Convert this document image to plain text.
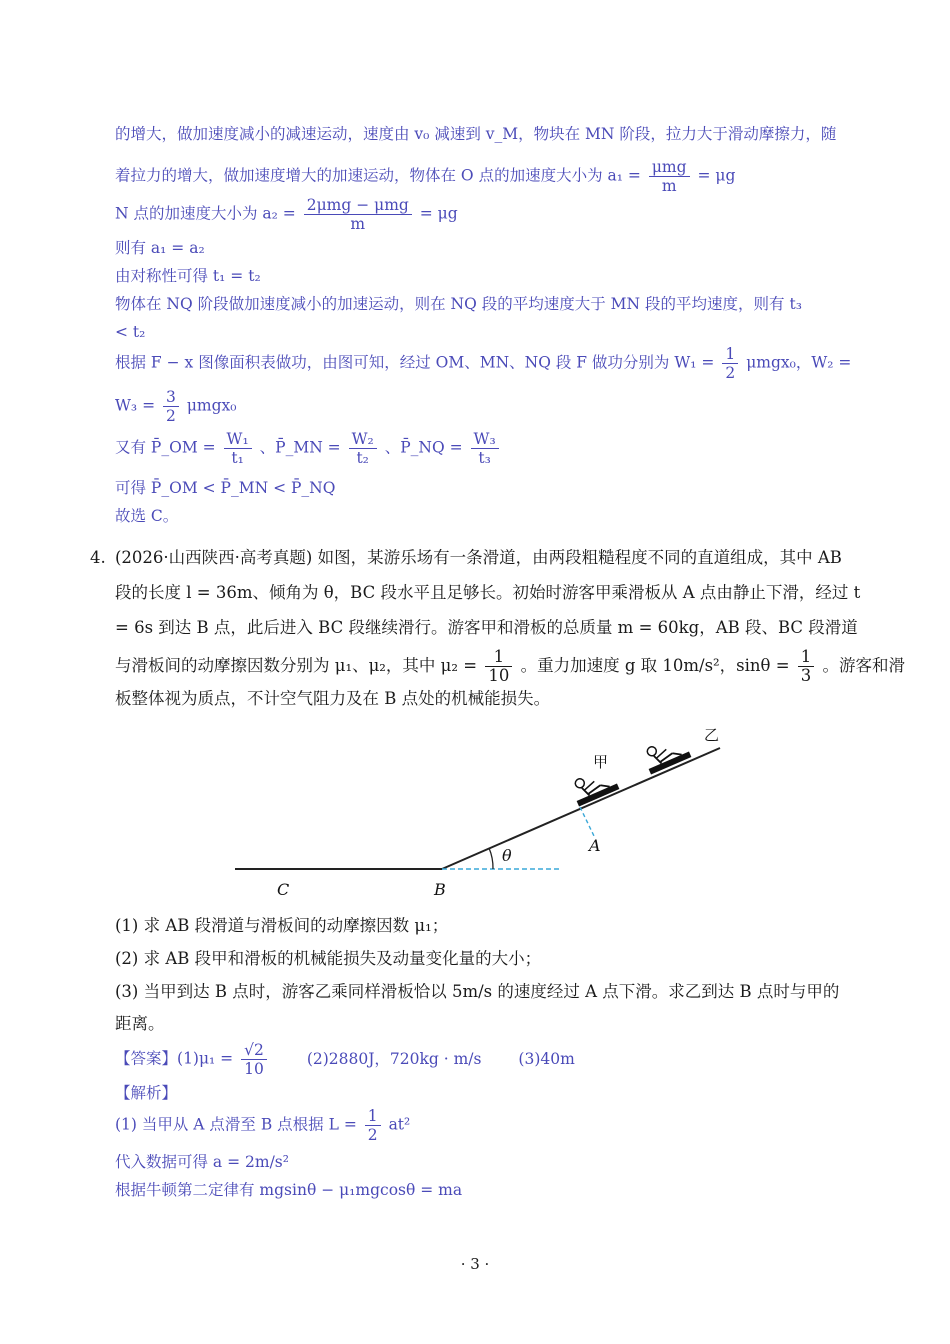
的增大，做加速度减小的减速运动，速度由 v₀ 减速到 v_M，物块在 MN 阶段，拉力大于滑动摩擦力，随
着拉力的增大，做加速度增大的加速运动，物体在 O 点的加速度大小为 $a_1 = \frac{\text{μmg}}{m} = \mu g$
N 点的加速度大小为 $a_2 = \frac{\text{2μmg − μmg}}{m} = \mu g$
则有 a₁ = a₂
由对称性可得 t₁ = t₂
物体在 NQ 阶段做加速度减小的加速运动，则在 NQ 段的平均速度大于 MN 段的平均速度，则有 t₃
< t₂
根据 F − x 图像面积表做功，由图可知，经过 OM、MN、NQ 段 F 做功分别为 $W_1 = \frac{1}{2} \mu mgx_0$，W₂ =
$W_3 = \frac{3}{2} \mu mgx_0$
又有 P̄_OM = $\frac{\text{W₁}}{\text{t₁}}$ 、P̄_MN = $\frac{\text{W₂}}{\text{t₂}}$ 、P̄_NQ = $\frac{\text{W₃}}{\text{t₃}}$
可得 P̄_OM < P̄_MN < P̄_NQ
故选 C。
4. (2026·山西陕西·高考真题) 如图，某游乐场有一条滑道，由两段粗糙程度不同的直道组成，其中 AB
段的长度 l = 36m、倾角为 θ，BC 段水平且足够长。初始时游客甲乘滑板从 A 点由静止下滑，经过 t
= 6s 到达 B 点，此后进入 BC 段继续滑行。游客甲和滑板的总质量 m = 60kg，AB 段、BC 段滑道
与滑板间的动摩擦因数分别为 μ₁、μ₂，其中 $\mu_2 = \frac{1}{10}$ 。重力加速度 g 取 10m/s²，$\sin\theta = \frac{1}{3}$ 。游客和滑
板整体视为质点，不计空气阻力及在 B 点处的机械能损失。
甲
乙
A
θ
C	B
(1) 求 AB 段滑道与滑板间的动摩擦因数 μ₁；
(2) 求 AB 段甲和滑板的机械能损失及动量变化量的大小；
(3) 当甲到达 B 点时，游客乙乘同样滑板恰以 5m/s 的速度经过 A 点下滑。求乙到达 B 点时与甲的
距离。
【答案】$(1)\mu_1 = \frac{√2}{10}$	(2)2880J，720kg · m/s (3)40m
【解析】
(1) 当甲从 A 点滑至 B 点根据 $L = \frac{1}{2} at^2$
代入数据可得 a = 2m/s²
根据牛顿第二定律有 mgsinθ − μ₁mgcosθ = ma
· 3 ·
